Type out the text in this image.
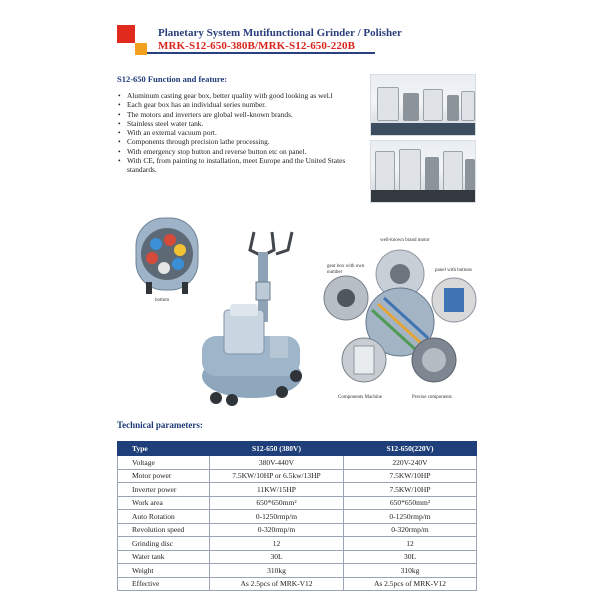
Planetary System Mutifunctional Grinder / Polisher
MRK-S12-650-380B/MRK-S12-650-220B
S12-650 Function and feature:
• Aluminum casting gear box, better quality with good looking as wel.l
• Each gear box has an individual series number.
• The motors and inverters are global well-known brands.
• Stainless steel water tank.
• With an external vacuum port.
• Components through precision lathe processing.
• With emergency stop button and reverse button etc on panel.
• With CE, from painting to installation, meet Europe and the United States standards.
bottom
well-known brand motor
gear box with own number	panel with buttons
Components Machine	Precise components
Technical parameters:
Type	S12-650 (380V)	S12-650(220V)
Voltage	380V-440V	220V-240V
Motor power	7.5KW/10HP or 6.5kw/13HP	7.5KW/10HP
Inverter power	11KW/15HP	7.5KW/10HP
Work area	650*650mm²	650*650mm²
Auto Rotation	0-1250rmp/m	0-1250rmp/m
Revolution speed	0-320rmp/m	0-320rmp/m
Grinding disc	12	12
Water tank	30L	30L
Weight	310kg	310kg
Effective	As 2.5pcs of MRK-V12	As 2.5pcs of MRK-V12
